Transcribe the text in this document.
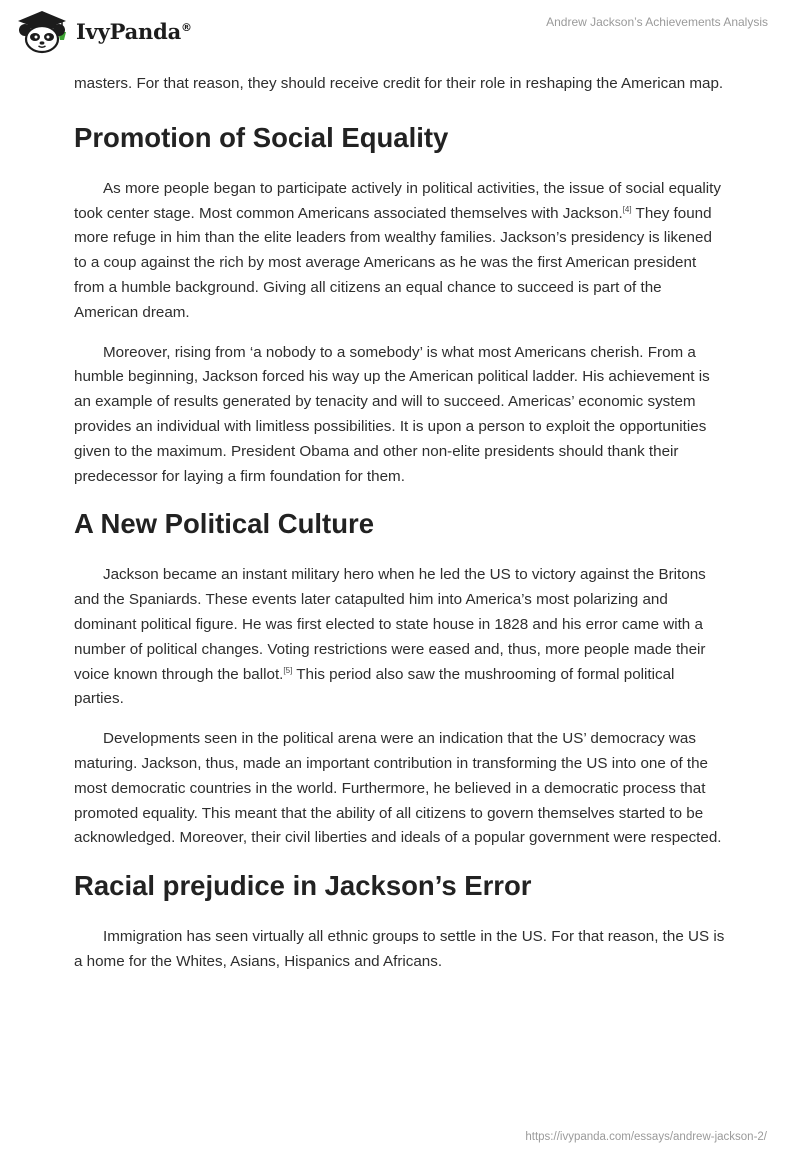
IvyPanda®	Andrew Jackson’s Achievements Analysis

masters. For that reason, they should receive credit for their role in reshaping the American map.

Promotion of Social Equality

As more people began to participate actively in political activities, the issue of social equality took center stage. Most common Americans associated themselves with Jackson.[4] They found more refuge in him than the elite leaders from wealthy families. Jackson’s presidency is likened to a coup against the rich by most average Americans as he was the first American president from a humble background. Giving all citizens an equal chance to succeed is part of the American dream.

Moreover, rising from ‘a nobody to a somebody’ is what most Americans cherish. From a humble beginning, Jackson forced his way up the American political ladder. His achievement is an example of results generated by tenacity and will to succeed. Americas’ economic system provides an individual with limitless possibilities. It is upon a person to exploit the opportunities given to the maximum. President Obama and other non-elite presidents should thank their predecessor for laying a firm foundation for them.

A New Political Culture

Jackson became an instant military hero when he led the US to victory against the Britons and the Spaniards. These events later catapulted him into America’s most polarizing and dominant political figure. He was first elected to state house in 1828 and his error came with a number of political changes. Voting restrictions were eased and, thus, more people made their voice known through the ballot.[5] This period also saw the mushrooming of formal political parties.

Developments seen in the political arena were an indication that the US’ democracy was maturing. Jackson, thus, made an important contribution in transforming the US into one of the most democratic countries in the world. Furthermore, he believed in a democratic process that promoted equality. This meant that the ability of all citizens to govern themselves started to be acknowledged. Moreover, their civil liberties and ideals of a popular government were respected.

Racial prejudice in Jackson’s Error

Immigration has seen virtually all ethnic groups to settle in the US. For that reason, the US is a home for the Whites, Asians, Hispanics and Africans.

https://ivypanda.com/essays/andrew-jackson-2/
